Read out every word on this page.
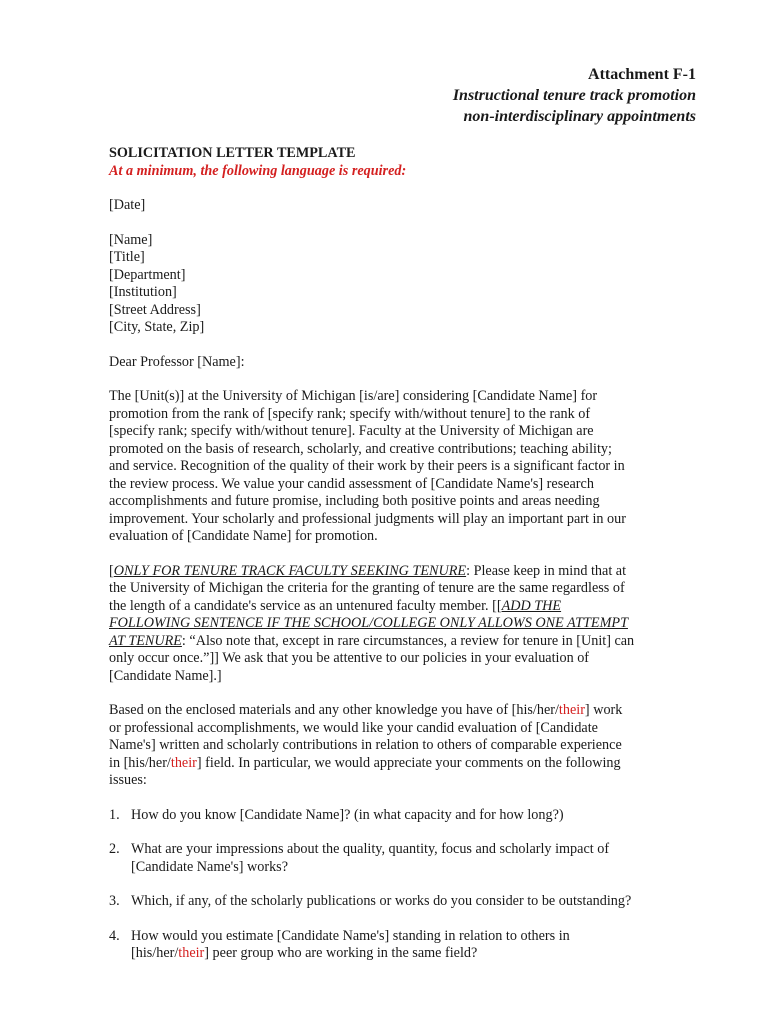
Attachment F-1
Instructional tenure track promotion
non-interdisciplinary appointments
SOLICITATION LETTER TEMPLATE
At a minimum, the following language is required:
[Date]
[Name]
[Title]
[Department]
[Institution]
[Street Address]
[City, State, Zip]
Dear Professor [Name]:
The [Unit(s)] at the University of Michigan [is/are] considering [Candidate Name] for
promotion from the rank of [specify rank; specify with/without tenure] to the rank of
[specify rank; specify with/without tenure]. Faculty at the University of Michigan are
promoted on the basis of research, scholarly, and creative contributions; teaching ability;
and service. Recognition of the quality of their work by their peers is a significant factor in
the review process. We value your candid assessment of [Candidate Name's] research
accomplishments and future promise, including both positive points and areas needing
improvement. Your scholarly and professional judgments will play an important part in our
evaluation of [Candidate Name] for promotion.
[ONLY FOR TENURE TRACK FACULTY SEEKING TENURE: Please keep in mind that at
the University of Michigan the criteria for the granting of tenure are the same regardless of
the length of a candidate's service as an untenured faculty member. [[ADD THE
FOLLOWING SENTENCE IF THE SCHOOL/COLLEGE ONLY ALLOWS ONE ATTEMPT
AT TENURE: “Also note that, except in rare circumstances, a review for tenure in [Unit] can
only occur once.”]] We ask that you be attentive to our policies in your evaluation of
[Candidate Name].]
Based on the enclosed materials and any other knowledge you have of [his/her/their] work
or professional accomplishments, we would like your candid evaluation of [Candidate
Name's] written and scholarly contributions in relation to others of comparable experience
in [his/her/their] field. In particular, we would appreciate your comments on the following
issues:
1. How do you know [Candidate Name]? (in what capacity and for how long?)
2. What are your impressions about the quality, quantity, focus and scholarly impact of
[Candidate Name's] works?
3. Which, if any, of the scholarly publications or works do you consider to be outstanding?
4. How would you estimate [Candidate Name's] standing in relation to others in
[his/her/their] peer group who are working in the same field?
